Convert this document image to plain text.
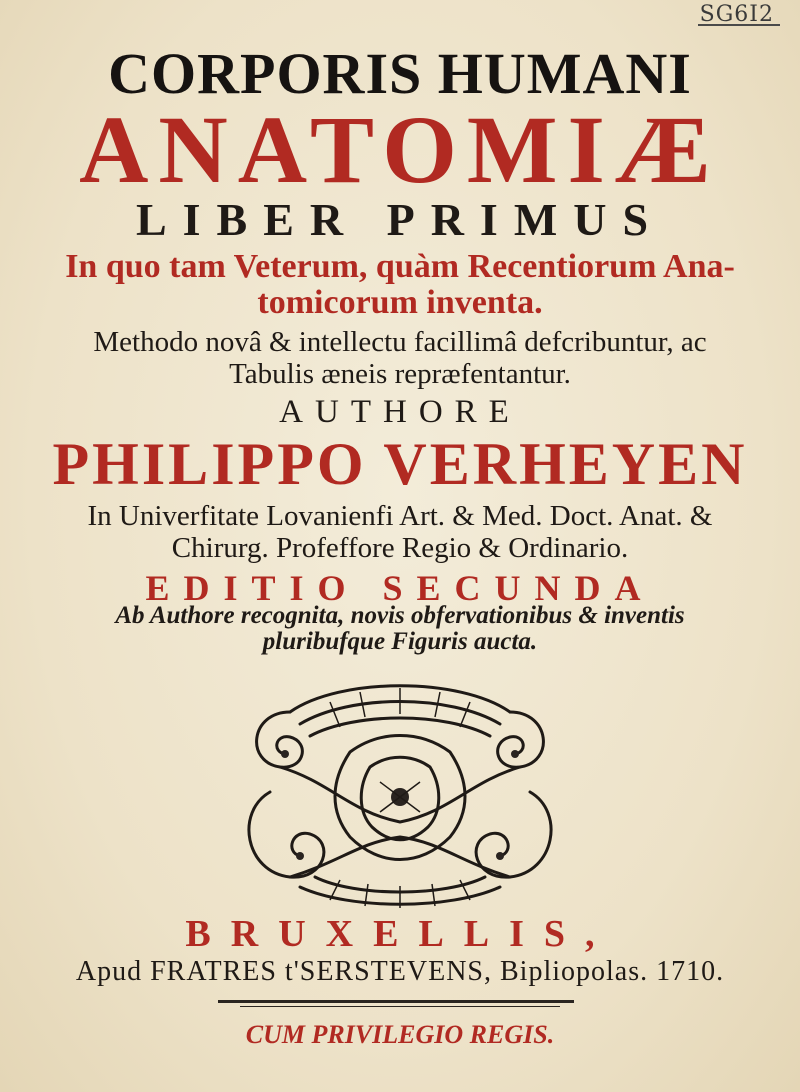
SG6I2
CORPORIS HUMANI
ANATOMIÆ
LIBER PRIMUS
In quo tam Veterum, quàm Recentiorum Ana-
tomicorum inventa.
Methodo novâ & intellectu facillimâ defcribuntur, ac
Tabulis æneis repræfentantur.
AUTHORE
PHILIPPO VERHEYEN
In Univerfitate Lovanienfi Art. & Med. Doct. Anat. &
Chirurg. Profeffore Regio & Ordinario.
EDITIO SECUNDA
Ab Authore recognita, novis obfervationibus & inventis
pluribufque Figuris aucta.
BRUXELLIS,
Apud FRATRES t'SERSTEVENS, Bipliopolas. 1710.
CUM PRIVILEGIO REGIS.
